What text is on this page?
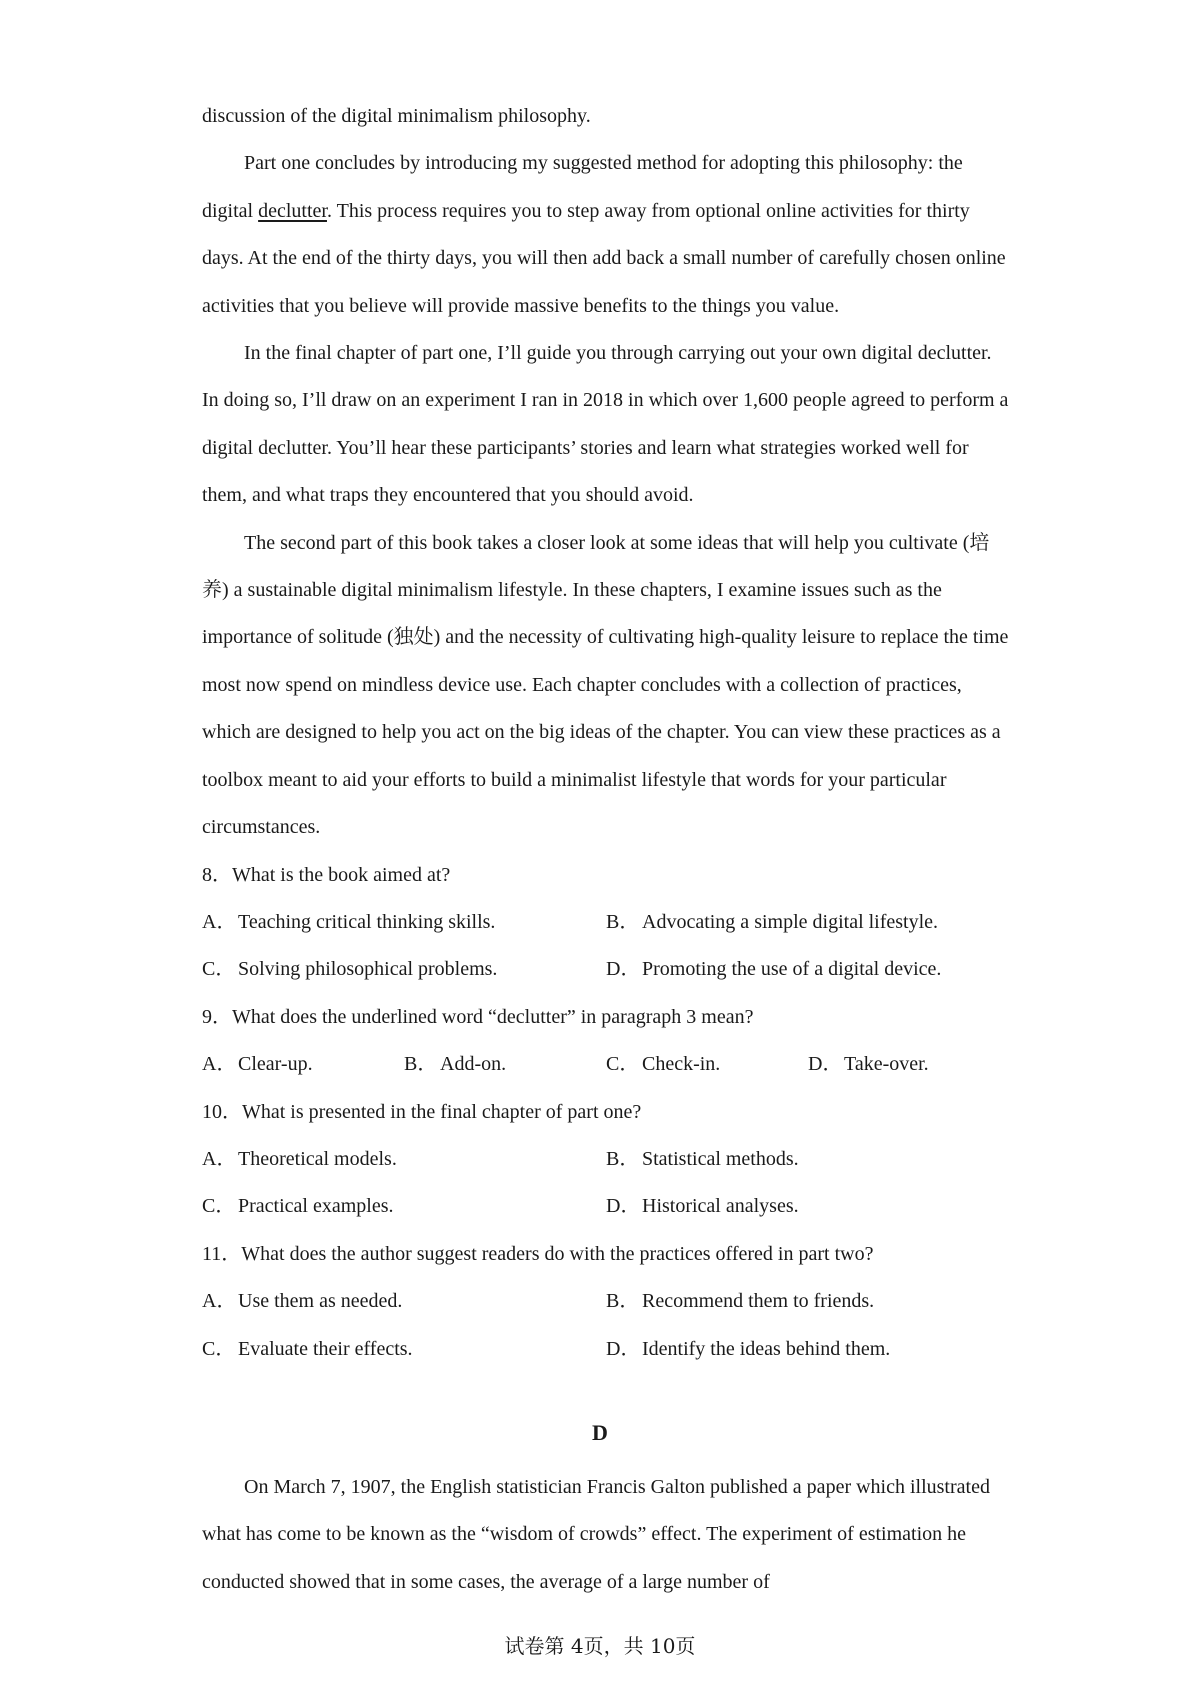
discussion of the digital minimalism philosophy.

Part one concludes by introducing my suggested method for adopting this philosophy: the digital declutter. This process requires you to step away from optional online activities for thirty days. At the end of the thirty days, you will then add back a small number of carefully chosen online activities that you believe will provide massive benefits to the things you value.

In the final chapter of part one, I’ll guide you through carrying out your own digital declutter. In doing so, I’ll draw on an experiment I ran in 2018 in which over 1,600 people agreed to perform a digital declutter. You’ll hear these participants’ stories and learn what strategies worked well for them, and what traps they encountered that you should avoid.

The second part of this book takes a closer look at some ideas that will help you cultivate (培养) a sustainable digital minimalism lifestyle. In these chapters, I examine issues such as the importance of solitude (独处) and the necessity of cultivating high-quality leisure to replace the time most now spend on mindless device use. Each chapter concludes with a collection of practices, which are designed to help you act on the big ideas of the chapter. You can view these practices as a toolbox meant to aid your efforts to build a minimalist lifestyle that words for your particular circumstances.

8．What is the book aimed at?

A．Teaching critical thinking skills.	B． Advocating a simple digital lifestyle.
C． Solving philosophical problems.	D．Promoting the use of a digital device.

9．What does the underlined word “declutter” in paragraph 3 mean?

A．Clear-up.	B． Add-on.	C． Check-in.	D．Take-over.

10．What is presented in the final chapter of part one?

A．Theoretical models.	B． Statistical methods.
C． Practical examples.	D．Historical analyses.

11．What does the author suggest readers do with the practices offered in part two?

A．Use them as needed.	B． Recommend them to friends.
C． Evaluate their effects.	D．Identify the ideas behind them.
D

On March 7, 1907, the English statistician Francis Galton published a paper which illustrated what has come to be known as the “wisdom of crowds” effect. The experiment of estimation he conducted showed that in some cases, the average of a large number of

试卷第 4页，共 10页
